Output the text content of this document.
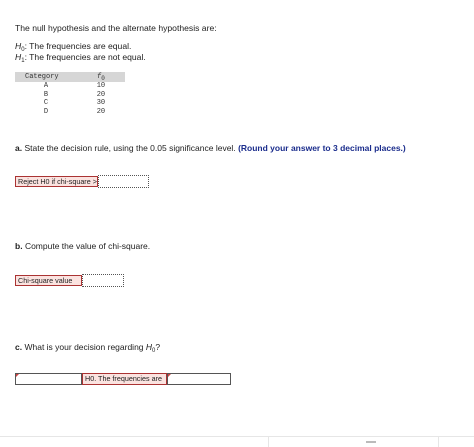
The null hypothesis and the alternate hypothesis are:
$H_0$: The frequencies are equal.
$H_1$: The frequencies are not equal.
Category	$f_0$
A	10
B	20
C	30
D	20
a. State the decision rule, using the 0.05 significance level. (Round your answer to 3 decimal places.)
Reject H0 if chi-square >
b. Compute the value of chi-square.
Chi-square value
c. What is your decision regarding $H_0$?
H0. The frequencies are
